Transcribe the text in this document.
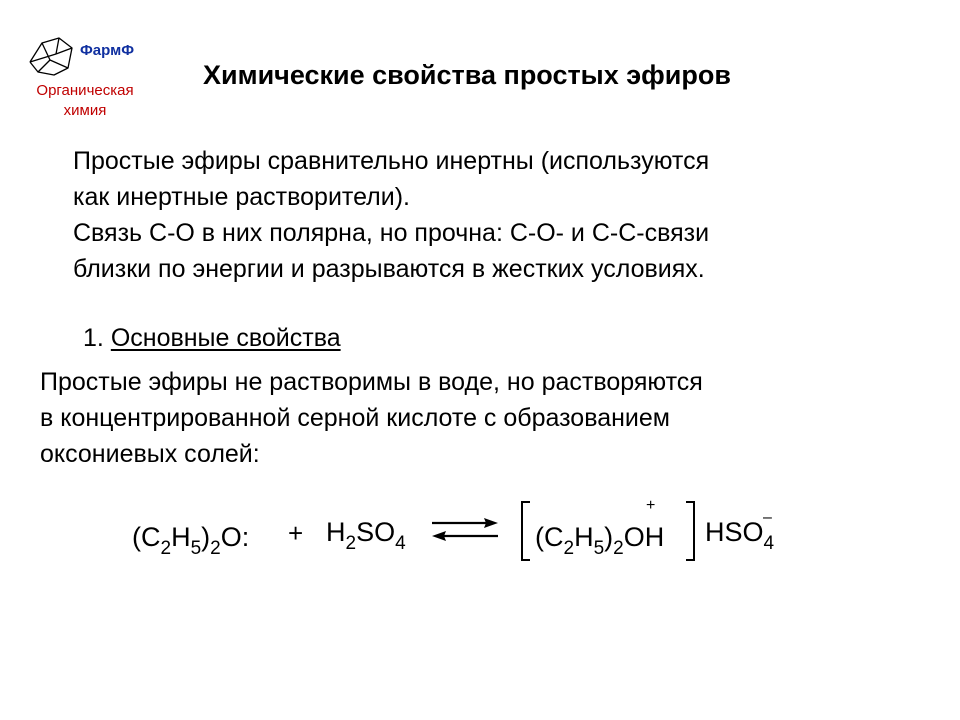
ФармФ
Органическая
химия
Химические свойства простых эфиров
Простые эфиры сравнительно инертны (используются
как инертные растворители).
Связь С-О в них полярна, но прочна: С-О- и С-С-связи
близки по энергии и разрываются в жестких условиях.
1. Основные свойства
Простые эфиры не растворимы в воде, но растворяются
в концентрированной серной кислоте с образованием
оксониевых солей:
$(C_2H_5)_2O$: + $H_2SO_4$	$(C_2H_5)_2OH$
+
$HSO_4$
–
